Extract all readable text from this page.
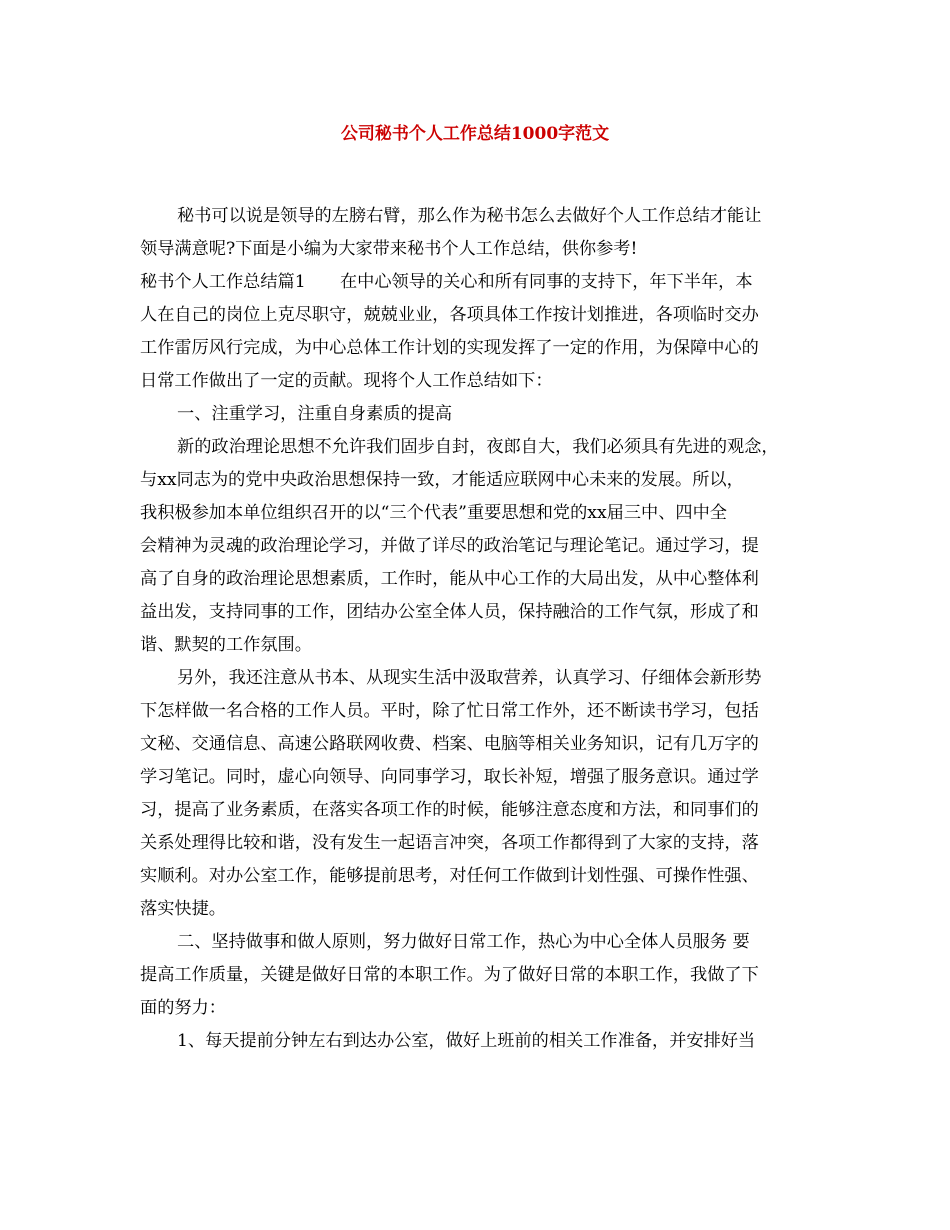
公司秘书个人工作总结1000字范文
秘书可以说是领导的左膀右臂，那么作为秘书怎么去做好个人工作总结才能让
领导满意呢?下面是小编为大家带来秘书个人工作总结，供你参考!
秘书个人工作总结篇1　　在中心领导的关心和所有同事的支持下，年下半年，本
人在自己的岗位上克尽职守，兢兢业业，各项具体工作按计划推进，各项临时交办
工作雷厉风行完成，为中心总体工作计划的实现发挥了一定的作用，为保障中心的
日常工作做出了一定的贡献。现将个人工作总结如下：
一、注重学习，注重自身素质的提高
新的政治理论思想不允许我们固步自封，夜郎自大，我们必须具有先进的观念，
与xx同志为的党中央政治思想保持一致，才能适应联网中心未来的发展。所以，
我积极参加本单位组织召开的以“三个代表”重要思想和党的xx届三中、四中全
会精神为灵魂的政治理论学习，并做了详尽的政治笔记与理论笔记。通过学习，提
高了自身的政治理论思想素质，工作时，能从中心工作的大局出发，从中心整体利
益出发，支持同事的工作，团结办公室全体人员，保持融洽的工作气氛，形成了和
谐、默契的工作氛围。
另外，我还注意从书本、从现实生活中汲取营养，认真学习、仔细体会新形势
下怎样做一名合格的工作人员。平时，除了忙日常工作外，还不断读书学习，包括
文秘、交通信息、高速公路联网收费、档案、电脑等相关业务知识，记有几万字的
学习笔记。同时，虚心向领导、向同事学习，取长补短，增强了服务意识。通过学
习，提高了业务素质，在落实各项工作的时候，能够注意态度和方法，和同事们的
关系处理得比较和谐，没有发生一起语言冲突，各项工作都得到了大家的支持，落
实顺利。对办公室工作，能够提前思考，对任何工作做到计划性强、可操作性强、
落实快捷。
二、坚持做事和做人原则，努力做好日常工作，热心为中心全体人员服务 要
提高工作质量，关键是做好日常的本职工作。为了做好日常的本职工作，我做了下
面的努力：
1、每天提前分钟左右到达办公室，做好上班前的相关工作准备，并安排好当
